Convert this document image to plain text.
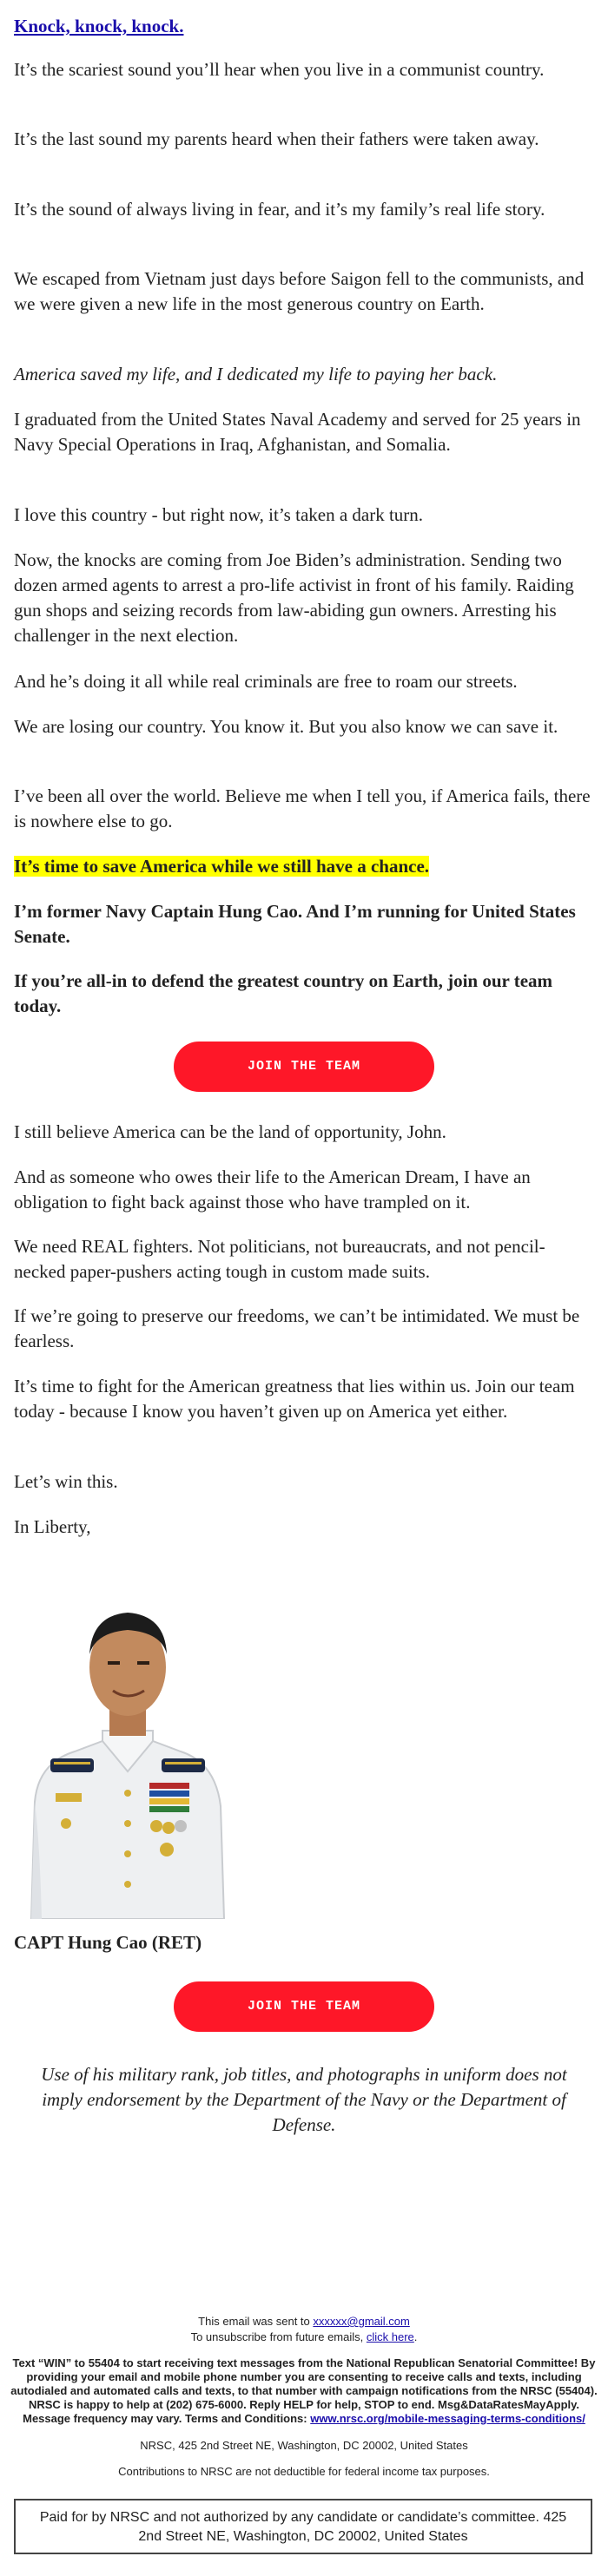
Knock, knock, knock.

It’s the scariest sound you’ll hear when you live in a communist country.

It’s the last sound my parents heard when their fathers were taken away.

It’s the sound of always living in fear, and it’s my family’s real life story.

We escaped from Vietnam just days before Saigon fell to the communists, and we were given a new life in the most generous country on Earth.

America saved my life, and I dedicated my life to paying her back.

I graduated from the United States Naval Academy and served for 25 years in Navy Special Operations in Iraq, Afghanistan, and Somalia.

I love this country - but right now, it’s taken a dark turn.

Now, the knocks are coming from Joe Biden’s administration. Sending two dozen armed agents to arrest a pro-life activist in front of his family. Raiding gun shops and seizing records from law-abiding gun owners. Arresting his challenger in the next election.

And he’s doing it all while real criminals are free to roam our streets.

We are losing our country. You know it. But you also know we can save it.

I’ve been all over the world. Believe me when I tell you, if America fails, there is nowhere else to go.

It’s time to save America while we still have a chance.

I’m former Navy Captain Hung Cao. And I’m running for United States Senate.

If you’re all-in to defend the greatest country on Earth, join our team today.

JOIN THE TEAM

I still believe America can be the land of opportunity, John.

And as someone who owes their life to the American Dream, I have an obligation to fight back against those who have trampled on it.

We need REAL fighters. Not politicians, not bureaucrats, and not pencil-necked paper-pushers acting tough in custom made suits.

If we’re going to preserve our freedoms, we can’t be intimidated. We must be fearless.

It’s time to fight for the American greatness that lies within us. Join our team today - because I know you haven’t given up on America yet either.

Let’s win this.

In Liberty,

CAPT Hung Cao (RET)
JOIN THE TEAM
Use of his military rank, job titles, and photographs in uniform does not imply endorsement by the Department of the Navy or the Department of Defense.
This email was sent to xxxxxx@gmail.com
To unsubscribe from future emails, click here.
Text “WIN” to 55404 to start receiving text messages from the National Republican Senatorial Committee! By providing your email and mobile phone number you are consenting to receive calls and texts, including autodialed and automated calls and texts, to that number with campaign notifications from the NRSC (55404). NRSC is happy to help at (202) 675-6000. Reply HELP for help, STOP to end. Msg&DataRatesMayApply. Message frequency may vary. Terms and Conditions: www.nrsc.org/mobile-messaging-terms-conditions/
NRSC, 425 2nd Street NE, Washington, DC 20002, United States
Contributions to NRSC are not deductible for federal income tax purposes.
Paid for by NRSC and not authorized by any candidate or candidate’s committee. 425 2nd Street NE, Washington, DC 20002, United States
